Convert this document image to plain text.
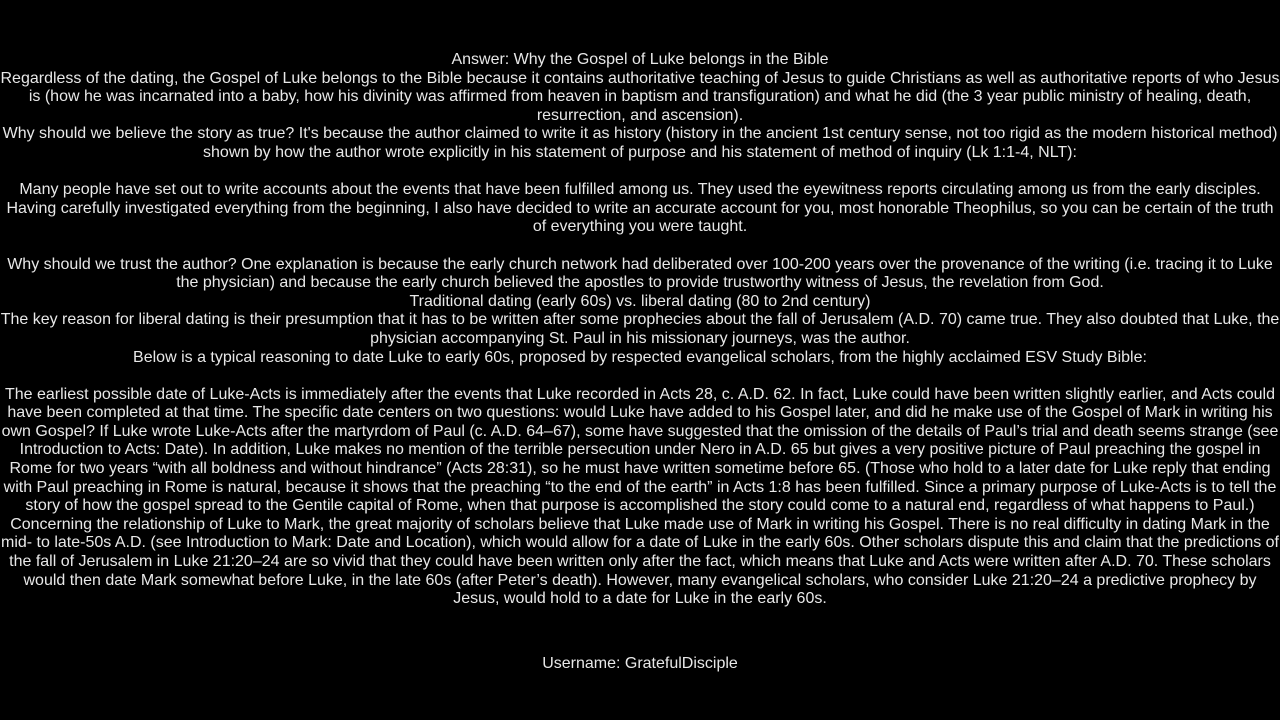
Answer: Why the Gospel of Luke belongs in the Bible
Regardless of the dating, the Gospel of Luke belongs to the Bible because it contains authoritative teaching of Jesus to guide Christians as well as authoritative reports of who Jesus is (how he was incarnated into a baby, how his divinity was affirmed from heaven in baptism and transfiguration) and what he did (the 3 year public ministry of healing, death, resurrection, and ascension).
Why should we believe the story as true? It's because the author claimed to write it as history (history in the ancient 1st century sense, not too rigid as the modern historical method) shown by how the author wrote explicitly in his statement of purpose and his statement of method of inquiry (Lk 1:1-4, NLT):
Many people have set out to write accounts about the events that have been fulfilled among us. They used the eyewitness reports circulating among us from the early disciples. Having carefully investigated everything from the beginning, I also have decided to write an accurate account for you, most honorable Theophilus, so you can be certain of the truth of everything you were taught.
Why should we trust the author? One explanation is because the early church network had deliberated over 100-200 years over the provenance of the writing (i.e. tracing it to Luke the physician) and because the early church believed the apostles to provide trustworthy witness of Jesus, the revelation from God.
Traditional dating (early 60s) vs. liberal dating (80 to 2nd century)
The key reason for liberal dating is their presumption that it has to be written after some prophecies about the fall of Jerusalem (A.D. 70) came true. They also doubted that Luke, the physician accompanying St. Paul in his missionary journeys, was the author.
Below is a typical reasoning to date Luke to early 60s, proposed by respected evangelical scholars, from the highly acclaimed ESV Study Bible:
The earliest possible date of Luke-Acts is immediately after the events that Luke recorded in Acts 28, c. A.D. 62. In fact, Luke could have been written slightly earlier, and Acts could have been completed at that time. The specific date centers on two questions: would Luke have added to his Gospel later, and did he make use of the Gospel of Mark in writing his own Gospel? If Luke wrote Luke-Acts after the martyrdom of Paul (c. A.D. 64–67), some have suggested that the omission of the details of Paul’s trial and death seems strange (see Introduction to Acts: Date). In addition, Luke makes no mention of the terrible persecution under Nero in A.D. 65 but gives a very positive picture of Paul preaching the gospel in Rome for two years “with all boldness and without hindrance” (Acts 28:31), so he must have written sometime before 65. (Those who hold to a later date for Luke reply that ending with Paul preaching in Rome is natural, because it shows that the preaching “to the end of the earth” in Acts 1:8 has been fulfilled. Since a primary purpose of Luke-Acts is to tell the story of how the gospel spread to the Gentile capital of Rome, when that purpose is accomplished the story could come to a natural end, regardless of what happens to Paul.)
Concerning the relationship of Luke to Mark, the great majority of scholars believe that Luke made use of Mark in writing his Gospel. There is no real difficulty in dating Mark in the mid- to late-50s A.D. (see Introduction to Mark: Date and Location), which would allow for a date of Luke in the early 60s. Other scholars dispute this and claim that the predictions of the fall of Jerusalem in Luke 21:20–24 are so vivid that they could have been written only after the fact, which means that Luke and Acts were written after A.D. 70. These scholars would then date Mark somewhat before Luke, in the late 60s (after Peter’s death). However, many evangelical scholars, who consider Luke 21:20–24 a predictive prophecy by Jesus, would hold to a date for Luke in the early 60s.
Username: GratefulDisciple
